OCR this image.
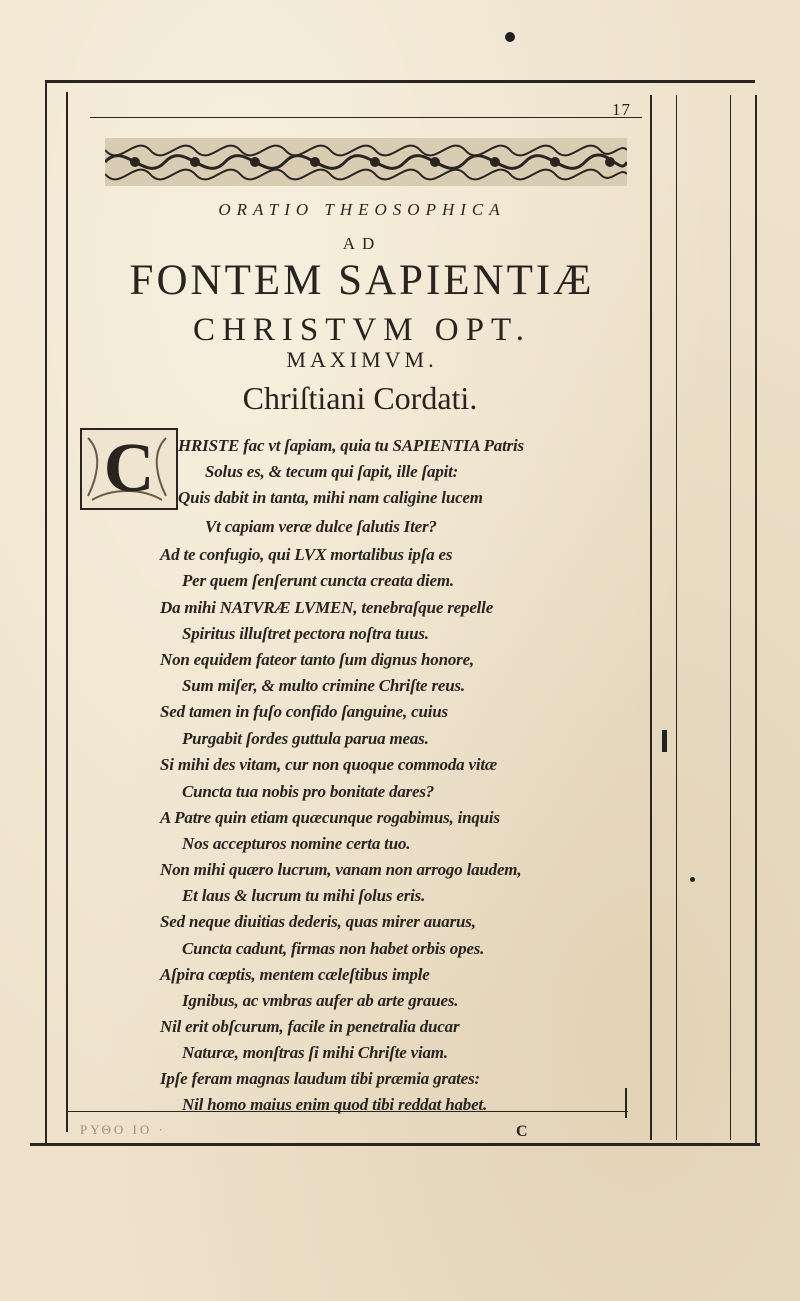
17
ORATIO THEOSOPHICA
AD
FONTEM SAPIENTIÆ
CHRISTVM OPT.
MAXIMVM.
Chriſtiani Cordati.
C	HRISTE fac vt ſapiam, quia tu SAPIENTIA Patris
Solus es, & tecum qui ſapit, ille ſapit:
Quis dabit in tanta, mihi nam caligine lucem
Vt capiam veræ dulce ſalutis Iter?
Ad te confugio, qui LVX mortalibus ipſa es
Per quem ſenſerunt cuncta creata diem.
Da mihi NATVRÆ LVMEN, tenebraſque repelle
Spiritus illuſtret pectora noſtra tuus.
Non equidem fateor tanto ſum dignus honore,
Sum miſer, & multo crimine Chriſte reus.
Sed tamen in fuſo confido ſanguine, cuius
Purgabit ſordes guttula parua meas.
Si mihi des vitam, cur non quoque commoda vitæ
Cuncta tua nobis pro bonitate dares?
A Patre quin etiam quæcunque rogabimus, inquis
Nos accepturos nomine certa tuo.
Non mihi quæro lucrum, vanam non arrogo laudem,
Et laus & lucrum tu mihi ſolus eris.
Sed neque diuitias dederis, quas mirer auarus,
Cuncta cadunt, firmas non habet orbis opes.
Aſpira cœptis, mentem cæleſtibus imple
Ignibus, ac vmbras aufer ab arte graues.
Nil erit obſcurum, facile in penetralia ducar
Naturæ, monſtras ſi mihi Chriſte viam.
Ipſe feram magnas laudum tibi præmia grates:
Nil homo maius enim quod tibi reddat habet.
ΡΥΘΟ ΙΟ ·	C
